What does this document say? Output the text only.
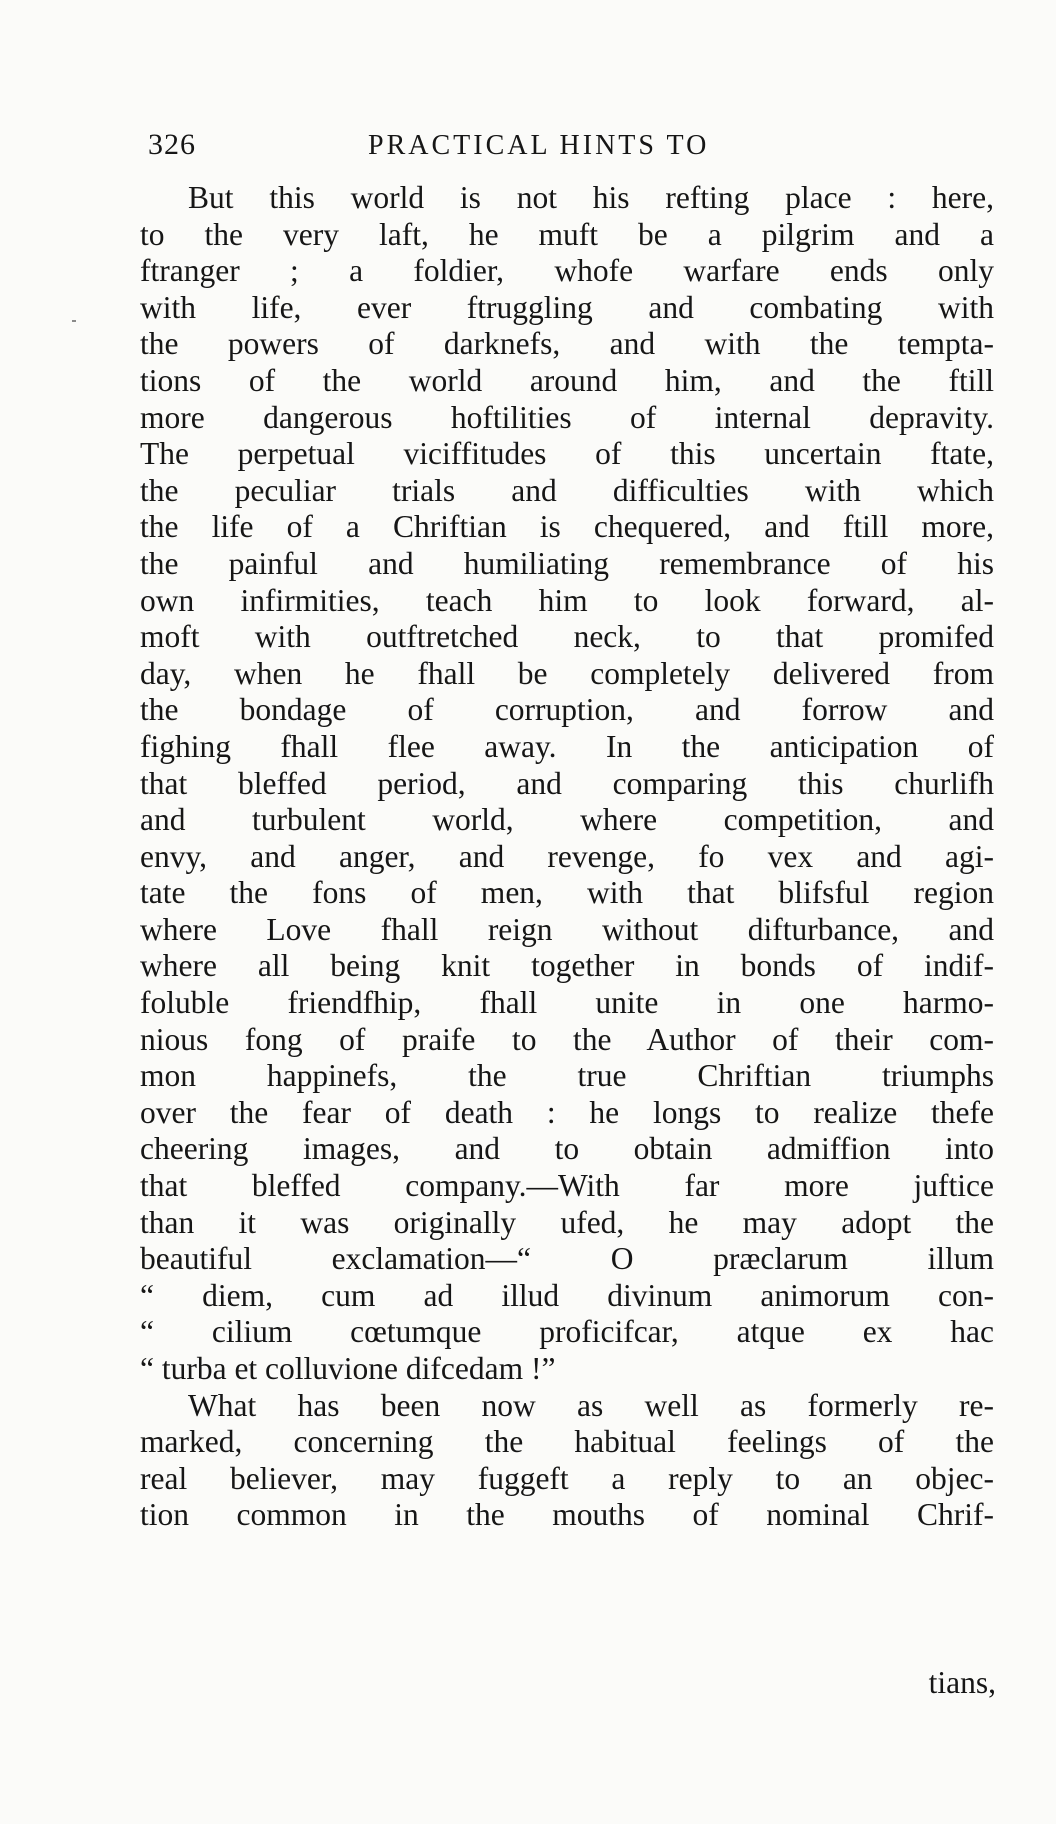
326	PRACTICAL HINTS TO
But this world is not his refting place : here,
to the very laft, he muft be a pilgrim and a
ftranger ; a foldier, whofe warfare ends only
with life, ever ftruggling and combating with
the powers of darknefs, and with the tempta-
tions of the world around him, and the ftill
more dangerous hoftilities of internal depravity.
The perpetual viciffitudes of this uncertain ftate,
the peculiar trials and difficulties with which
the life of a Chriftian is chequered, and ftill more,
the painful and humiliating remembrance of his
own infirmities, teach him to look forward, al-
moft with outftretched neck, to that promifed
day, when he fhall be completely delivered from
the bondage of corruption, and forrow and
fighing fhall flee away. In the anticipation of
that bleffed period, and comparing this churlifh
and turbulent world, where competition, and
envy, and anger, and revenge, fo vex and agi-
tate the fons of men, with that blifsful region
where Love fhall reign without difturbance, and
where all being knit together in bonds of indif-
foluble friendfhip, fhall unite in one harmo-
nious fong of praife to the Author of their com-
mon happinefs, the true Chriftian triumphs
over the fear of death : he longs to realize thefe
cheering images, and to obtain admiffion into
that bleffed company.—With far more juftice
than it was originally ufed, he may adopt the
beautiful exclamation—“ O præclarum illum
“ diem, cum ad illud divinum animorum con-
“ cilium cœtumque proficifcar, atque ex hac
“ turba et colluvione difcedam !”
What has been now as well as formerly re-
marked, concerning the habitual feelings of the
real believer, may fuggeft a reply to an objec-
tion common in the mouths of nominal Chrif-
tians,
